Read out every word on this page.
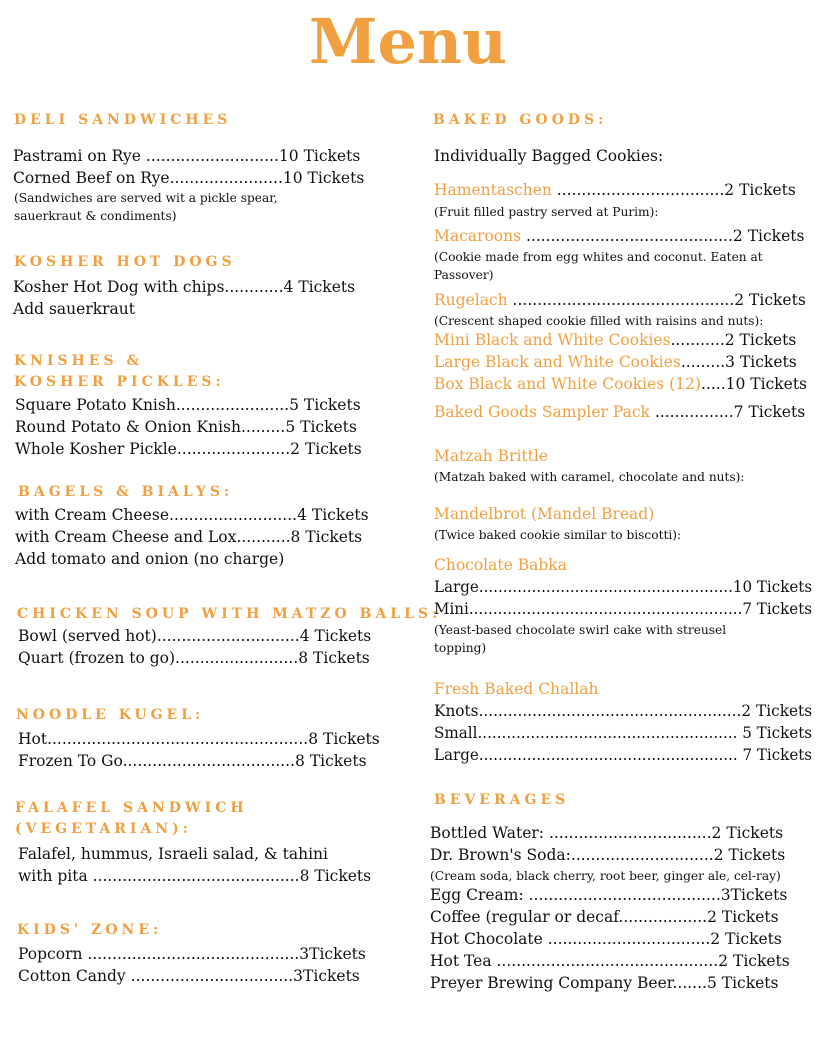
Menu
DELI SANDWICHES
Pastrami on Rye ...........................10 Tickets
Corned Beef on Rye.......................10 Tickets
(Sandwiches are served wit a pickle spear,
sauerkraut & condiments)
KOSHER HOT DOGS
Kosher Hot Dog with chips............4 Tickets
Add sauerkraut
KNISHES &
KOSHER PICKLES:
Square Potato Knish.......................5 Tickets
Round Potato & Onion Knish.........5 Tickets
Whole Kosher Pickle.......................2 Tickets
BAGELS & BIALYS:
with Cream Cheese..........................4 Tickets
with Cream Cheese and Lox...........8 Tickets
Add tomato and onion (no charge)
CHICKEN SOUP WITH MATZO BALLS:
Bowl (served hot).............................4 Tickets
Quart (frozen to go).........................8 Tickets
NOODLE KUGEL:
Hot.....................................................8 Tickets
Frozen To Go...................................8 Tickets
FALAFEL SANDWICH
(VEGETARIAN):
Falafel, hummus, Israeli salad, & tahini
with pita ..........................................8 Tickets
KIDS' ZONE:
Popcorn ...........................................3Tickets
Cotton Candy .................................3Tickets
BAKED GOODS:
Individually Bagged Cookies:
Hamentaschen ..................................2 Tickets
(Fruit filled pastry served at Purim):
Macaroons ..........................................2 Tickets
(Cookie made from egg whites and coconut. Eaten at
Passover)
Rugelach .............................................2 Tickets
(Crescent shaped cookie filled with raisins and nuts):
Mini Black and White Cookies...........2 Tickets
Large Black and White Cookies.........3 Tickets
Box Black and White Cookies (12).....10 Tickets
Baked Goods Sampler Pack ................7 Tickets
Matzah Brittle
(Matzah baked with caramel, chocolate and nuts):
Mandelbrot (Mandel Bread)
(Twice baked cookie similar to biscotti):
Chocolate Babka
Large.....................................................10 Tickets
Mini.........................................................7 Tickets
(Yeast-based chocolate swirl cake with streusel
topping)
Fresh Baked Challah
Knots......................................................2 Tickets
Small...................................................... 5 Tickets
Large...................................................... 7 Tickets
BEVERAGES
Bottled Water: .................................2 Tickets
Dr. Brown's Soda:.............................2 Tickets
(Cream soda, black cherry, root beer, ginger ale, cel-ray)
Egg Cream: .......................................3Tickets
Coffee (regular or decaf..................2 Tickets
Hot Chocolate .................................2 Tickets
Hot Tea .............................................2 Tickets
Preyer Brewing Company Beer.......5 Tickets
